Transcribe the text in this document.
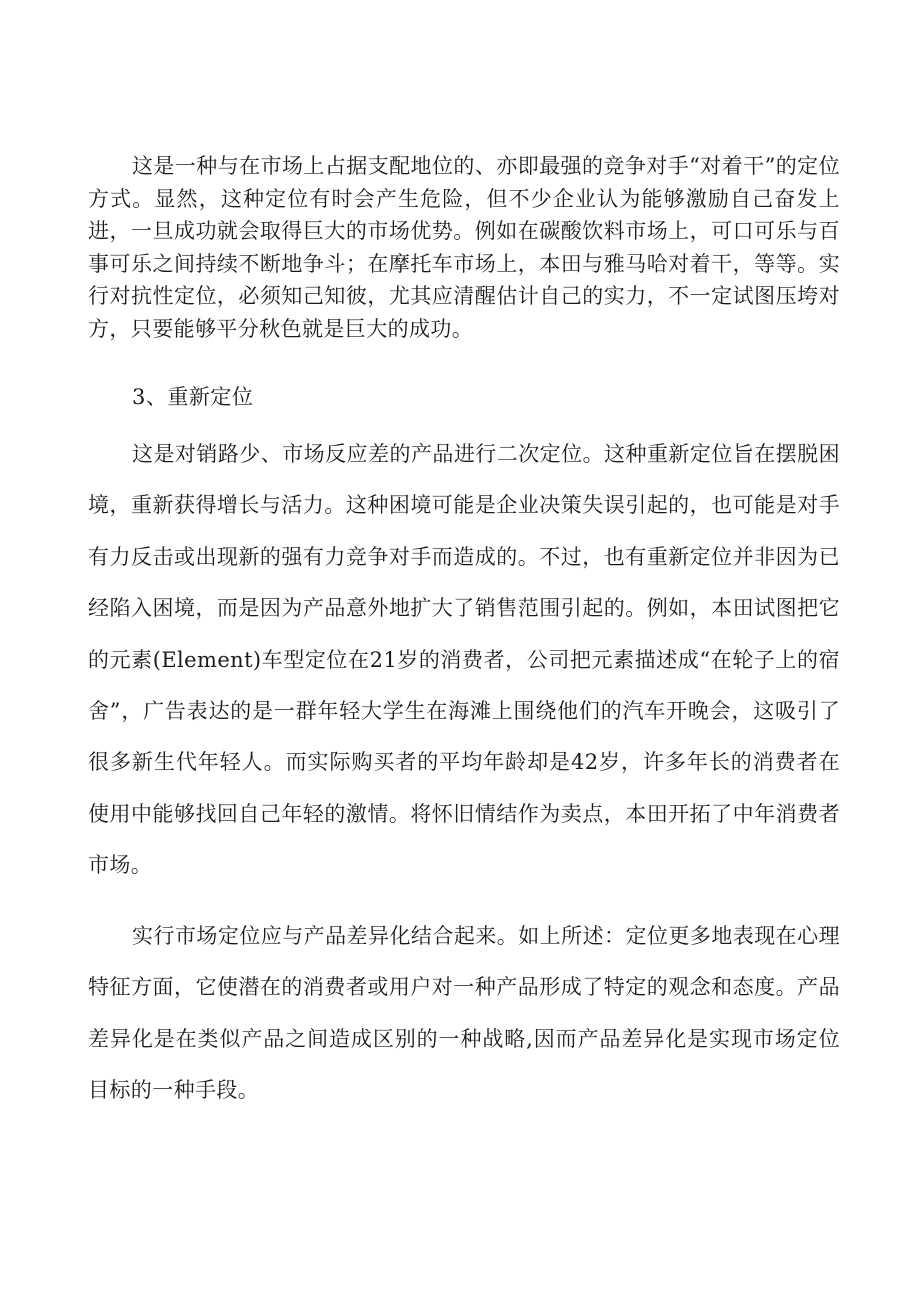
这是一种与在市场上占据支配地位的、亦即最强的竞争对手“对着干”的定位方式。显然，这种定位有时会产生危险，但不少企业认为能够激励自己奋发上进，一旦成功就会取得巨大的市场优势。例如在碳酸饮料市场上，可口可乐与百事可乐之间持续不断地争斗；在摩托车市场上，本田与雅马哈对着干，等等。实行对抗性定位，必须知己知彼，尤其应清醒估计自己的实力，不一定试图压垮对方，只要能够平分秋色就是巨大的成功。

3、重新定位

这是对销路少、市场反应差的产品进行二次定位。这种重新定位旨在摆脱困境，重新获得增长与活力。这种困境可能是企业决策失误引起的，也可能是对手有力反击或出现新的强有力竞争对手而造成的。不过，也有重新定位并非因为已经陷入困境，而是因为产品意外地扩大了销售范围引起的。例如，本田试图把它的元素(Element)车型定位在21岁的消费者，公司把元素描述成“在轮子上的宿舍”，广告表达的是一群年轻大学生在海滩上围绕他们的汽车开晚会，这吸引了很多新生代年轻人。而实际购买者的平均年龄却是42岁，许多年长的消费者在使用中能够找回自己年轻的激情。将怀旧情结作为卖点，本田开拓了中年消费者市场。

实行市场定位应与产品差异化结合起来。如上所述：定位更多地表现在心理特征方面，它使潜在的消费者或用户对一种产品形成了特定的观念和态度。产品差异化是在类似产品之间造成区别的一种战略,因而产品差异化是实现市场定位目标的一种手段。
